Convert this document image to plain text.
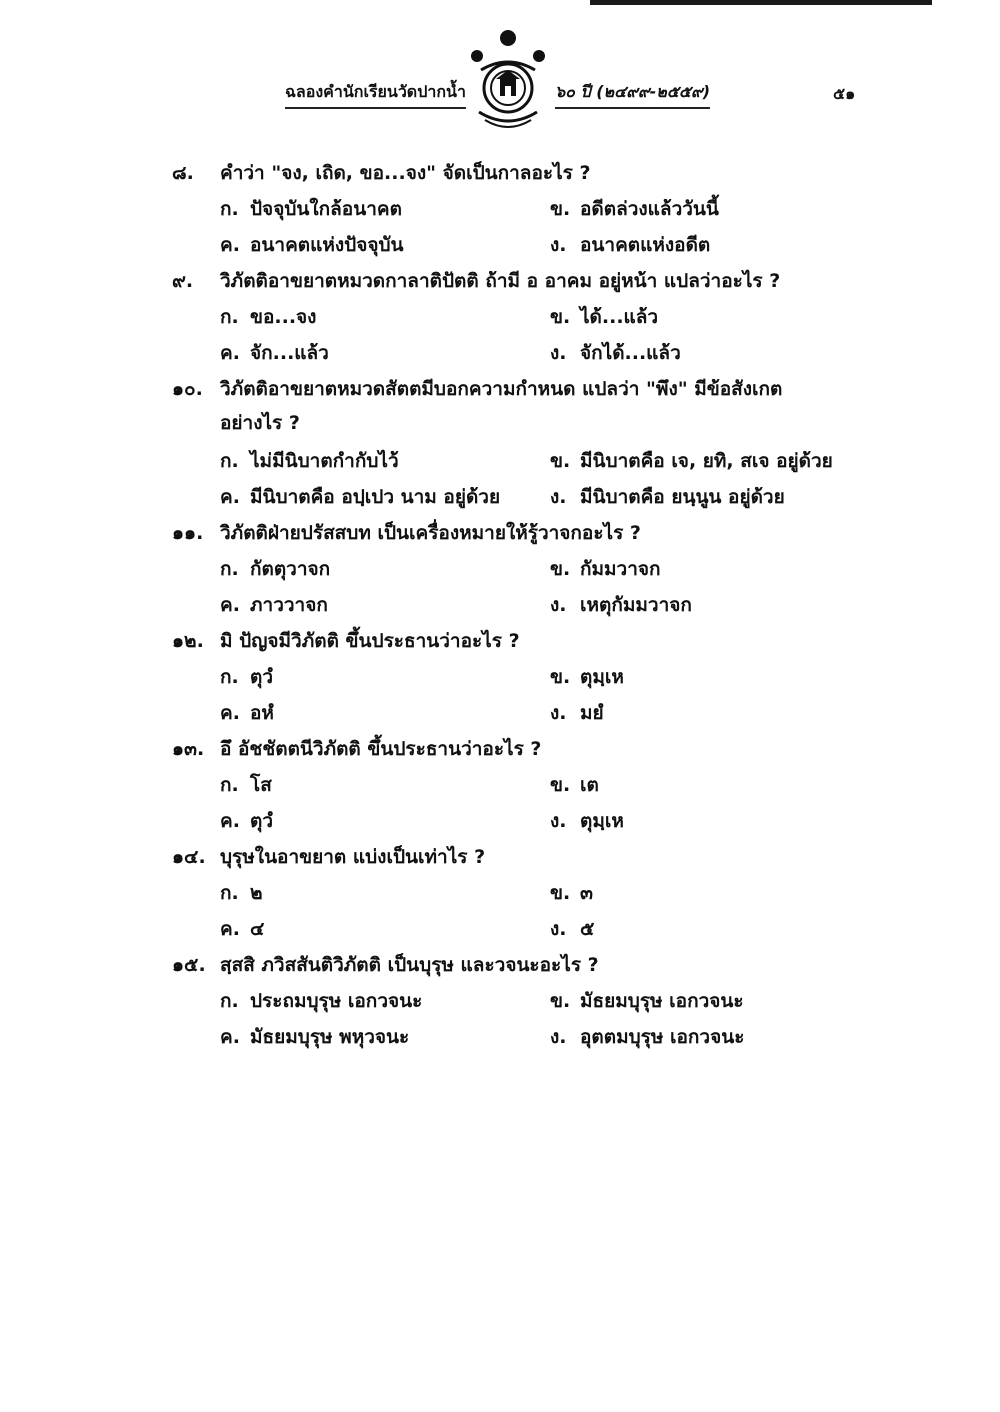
ฉลองคำนักเรียนวัดปากน้ำ	๖๐ ปี (๒๔๙๙-๒๕๕๙)	๕๑
๘. คำว่า "จง, เถิด, ขอ...จง" จัดเป็นกาลอะไร ?
ก. ปัจจุบันใกล้อนาคต	ข. อดีตล่วงแล้ววันนี้
ค. อนาคตแห่งปัจจุบัน	ง. อนาคตแห่งอดีต
๙. วิภัตติอาขยาตหมวดกาลาติปัตติ ถ้ามี อ อาคม อยู่หน้า แปลว่าอะไร ?
ก. ขอ...จง	ข. ได้...แล้ว
ค. จัก...แล้ว	ง. จักได้...แล้ว
๑๐. วิภัตติอาขยาตหมวดสัตตมีบอกความกำหนด แปลว่า "พึง" มีข้อสังเกต
อย่างไร ?
ก. ไม่มีนิบาตกำกับไว้	ข. มีนิบาตคือ เจ, ยทิ, สเจ อยู่ด้วย
ค. มีนิบาตคือ อปฺเปว นาม อยู่ด้วย	ง. มีนิบาตคือ ยนฺนูน อยู่ด้วย
๑๑. วิภัตติฝ่ายปรัสสบท เป็นเครื่องหมายให้รู้วาจกอะไร ?
ก. กัตตุวาจก	ข. กัมมวาจก
ค. ภาววาจก	ง. เหตุกัมมวาจก
๑๒. มิ ปัญจมีวิภัตติ ขึ้นประธานว่าอะไร ?
ก. ตุวํ	ข. ตุมฺเห
ค. อหํ	ง. มยํ
๑๓. อึ อัชชัตตนีวิภัตติ ขึ้นประธานว่าอะไร ?
ก. โส	ข. เต
ค. ตุวํ	ง. ตุมฺเห
๑๔. บุรุษในอาขยาต แบ่งเป็นเท่าไร ?
ก. ๒	ข. ๓
ค. ๔	ง. ๕
๑๕. สฺสสิ ภวิสสันติวิภัตติ เป็นบุรุษ และวจนะอะไร ?
ก. ประถมบุรุษ เอกวจนะ	ข. มัธยมบุรุษ เอกวจนะ
ค. มัธยมบุรุษ พหุวจนะ	ง. อุตตมบุรุษ เอกวจนะ
